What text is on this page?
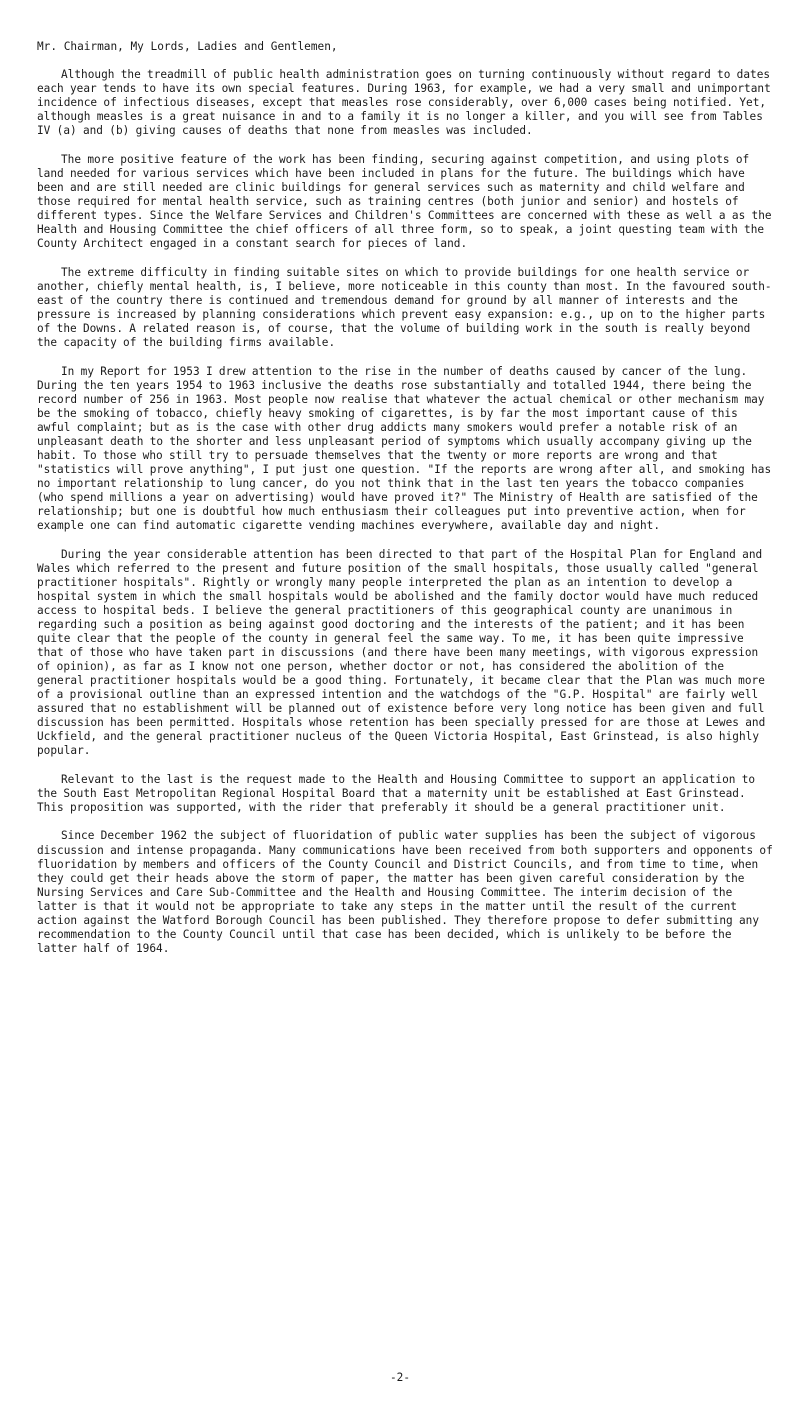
Mr. Chairman, My Lords, Ladies and Gentlemen,

Although the treadmill of public health administration goes on turning continuously without regard to dates each year tends to have its own special features. During 1963, for example, we had a very small and unimportant incidence of infectious diseases, except that measles rose considerably, over 6,000 cases being notified. Yet, although measles is a great nuisance in and to a family it is no longer a killer, and you will see from Tables IV (a) and (b) giving causes of deaths that none from measles was included.

The more positive feature of the work has been finding, securing against competition, and using plots of land needed for various services which have been included in plans for the future. The buildings which have been and are still needed are clinic buildings for general services such as maternity and child welfare and those required for mental health service, such as training centres (both junior and senior) and hostels of different types. Since the Welfare Services and Children's Committees are concerned with these as well a as the Health and Housing Committee the chief officers of all three form, so to speak, a joint questing team with the County Architect engaged in a constant search for pieces of land.

The extreme difficulty in finding suitable sites on which to provide buildings for one health service or another, chiefly mental health, is, I believe, more noticeable in this county than most. In the favoured south-east of the country there is continued and tremendous demand for ground by all manner of interests and the pressure is increased by planning considerations which prevent easy expansion: e.g., up on to the higher parts of the Downs. A related reason is, of course, that the volume of building work in the south is really beyond the capacity of the building firms available.

In my Report for 1953 I drew attention to the rise in the number of deaths caused by cancer of the lung. During the ten years 1954 to 1963 inclusive the deaths rose substantially and totalled 1944, there being the record number of 256 in 1963. Most people now realise that whatever the actual chemical or other mechanism may be the smoking of tobacco, chiefly heavy smoking of cigarettes, is by far the most important cause of this awful complaint; but as is the case with other drug addicts many smokers would prefer a notable risk of an unpleasant death to the shorter and less unpleasant period of symptoms which usually accompany giving up the habit. To those who still try to persuade themselves that the twenty or more reports are wrong and that "statistics will prove anything", I put just one question. "If the reports are wrong after all, and smoking has no important relationship to lung cancer, do you not think that in the last ten years the tobacco companies (who spend millions a year on advertising) would have proved it?" The Ministry of Health are satisfied of the relationship; but one is doubtful how much enthusiasm their colleagues put into preventive action, when for example one can find automatic cigarette vending machines everywhere, available day and night.

During the year considerable attention has been directed to that part of the Hospital Plan for England and Wales which referred to the present and future position of the small hospitals, those usually called "general practitioner hospitals". Rightly or wrongly many people interpreted the plan as an intention to develop a hospital system in which the small hospitals would be abolished and the family doctor would have much reduced access to hospital beds. I believe the general practitioners of this geographical county are unanimous in regarding such a position as being against good doctoring and the interests of the patient; and it has been quite clear that the people of the county in general feel the same way. To me, it has been quite impressive that of those who have taken part in discussions (and there have been many meetings, with vigorous expression of opinion), as far as I know not one person, whether doctor or not, has considered the abolition of the general practitioner hospitals would be a good thing. Fortunately, it became clear that the Plan was much more of a provisional outline than an expressed intention and the watchdogs of the "G.P. Hospital" are fairly well assured that no establishment will be planned out of existence before very long notice has been given and full discussion has been permitted. Hospitals whose retention has been specially pressed for are those at Lewes and Uckfield, and the general practitioner nucleus of the Queen Victoria Hospital, East Grinstead, is also highly popular.

Relevant to the last is the request made to the Health and Housing Committee to support an application to the South East Metropolitan Regional Hospital Board that a maternity unit be established at East Grinstead. This proposition was supported, with the rider that preferably it should be a general practitioner unit.

Since December 1962 the subject of fluoridation of public water supplies has been the subject of vigorous discussion and intense propaganda. Many communications have been received from both supporters and opponents of fluoridation by members and officers of the County Council and District Councils, and from time to time, when they could get their heads above the storm of paper, the matter has been given careful consideration by the Nursing Services and Care Sub-Committee and the Health and Housing Committee. The interim decision of the latter is that it would not be appropriate to take any steps in the matter until the result of the current action against the Watford Borough Council has been published. They therefore propose to defer submitting any recommendation to the County Council until that case has been decided, which is unlikely to be before the latter half of 1964.

-2-
